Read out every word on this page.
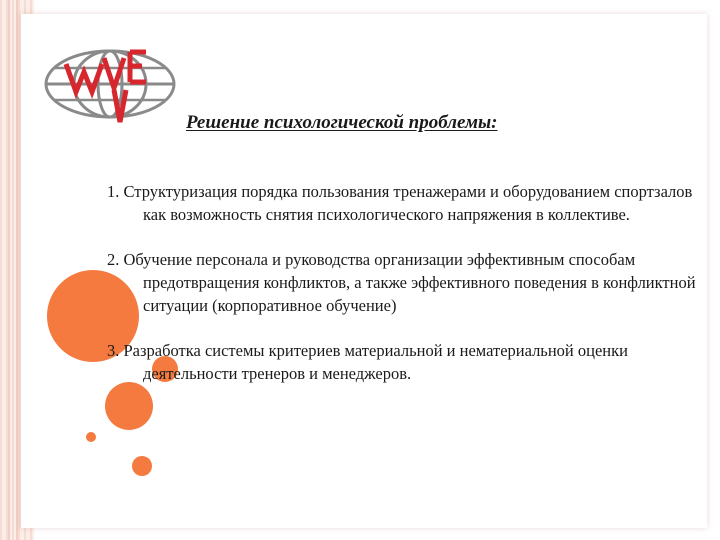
Решение психологической проблемы:
1. Структуризация порядка пользования тренажерами и оборудованием спортзалов как возможность снятия психологического напряжения в коллективе.
2. Обучение персонала и руководства организации эффективным способам предотвращения конфликтов, а также эффективного поведения в конфликтной ситуации (корпоративное обучение)
3. Разработка системы критериев материальной и нематериальной оценки деятельности тренеров и менеджеров.
